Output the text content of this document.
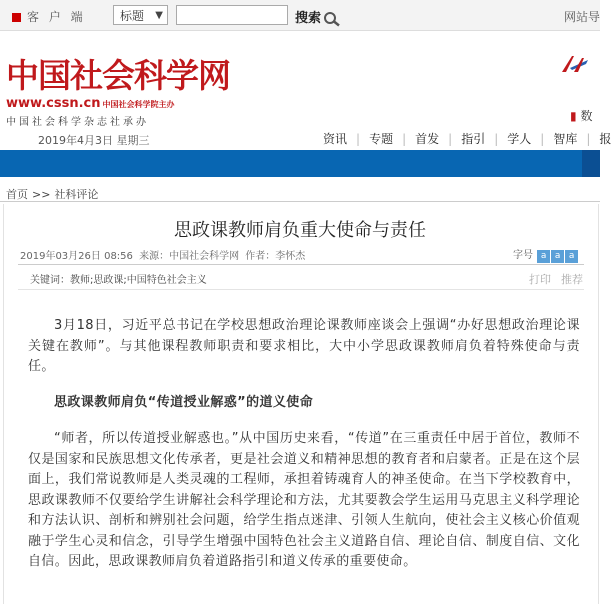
客 户 端	标题 ▼	搜索	网站导
中国社会科学网
www.cssn.cn 中国社会科学院主办
中国社会科学杂志社承办
2019年4月3日 星期三
▮ 数
资讯 | 专题 | 首发 | 指引 | 学人 | 智库 | 报
首页 >> 社科评论
思政课教师肩负重大使命与责任
2019年03月26日 08:56 来源：中国社会科学网 作者：李怀杰	字号 a a a
关键词：教师;思政课;中国特色社会主义	打印 推荐

3月18日，习近平总书记在学校思想政治理论课教师座谈会上强调“办好思想政治理论课关键在教师”。与其他课程教师职责和要求相比，大中小学思政课教师肩负着特殊使命与责任。

思政课教师肩负“传道授业解惑”的道义使命

“师者，所以传道授业解惑也。”从中国历史来看，“传道”在三重责任中居于首位，教师不仅是国家和民族思想文化传承者，更是社会道义和精神思想的教育者和启蒙者。正是在这个层面上，我们常说教师是人类灵魂的工程师，承担着铸魂育人的神圣使命。在当下学校教育中，思政课教师不仅要给学生讲解社会科学理论和方法，尤其要教会学生运用马克思主义科学理论和方法认识、剖析和辨别社会问题，给学生指点迷津、引领人生航向，使社会主义核心价值观融于学生心灵和信念，引导学生增强中国特色社会主义道路自信、理论自信、制度自信、文化自信。因此，思政课教师肩负着道路指引和道义传承的重要使命。
